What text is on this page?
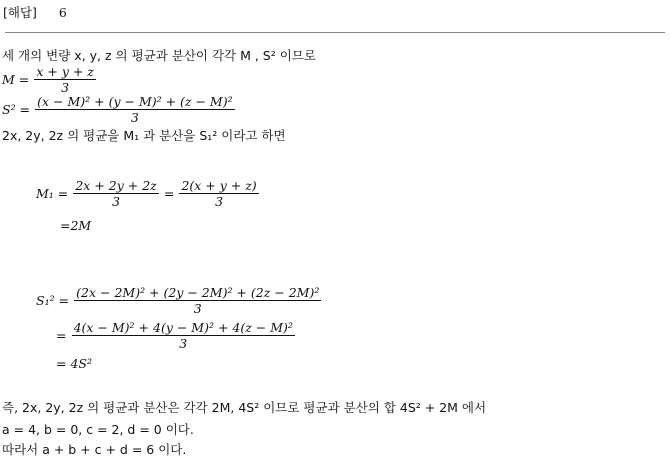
[해답] 6
세 개의 변량 x, y, z 의 평균과 분산이 각각 M , S² 이므로
$M = \frac{x + y + z}{3}$
$S^2 = \frac{\text{(x − M)² + (y − M)² + (z − M)²}}{3}$
2x, 2y, 2z 의 평균을 M₁ 과 분산을 S₁² 이라고 하면
$M_1 = \frac{2x + 2y + 2z}{3} = \frac{2(x + y + z)}{3}$
=2M
$S_1^2 = \frac{\text{(2x − 2M)² + (2y − 2M)² + (2z − 2M)²}}{3}$
= $\frac{\text{4(x − M)² + 4(y − M)² + 4(z − M)²}}{3}$
= 4S²
즉, 2x, 2y, 2z 의 평균과 분산은 각각 2M, 4S² 이므로 평균과 분산의 합 4S² + 2M 에서
a = 4, b = 0, c = 2, d = 0 이다.
따라서 a + b + c + d = 6 이다.
